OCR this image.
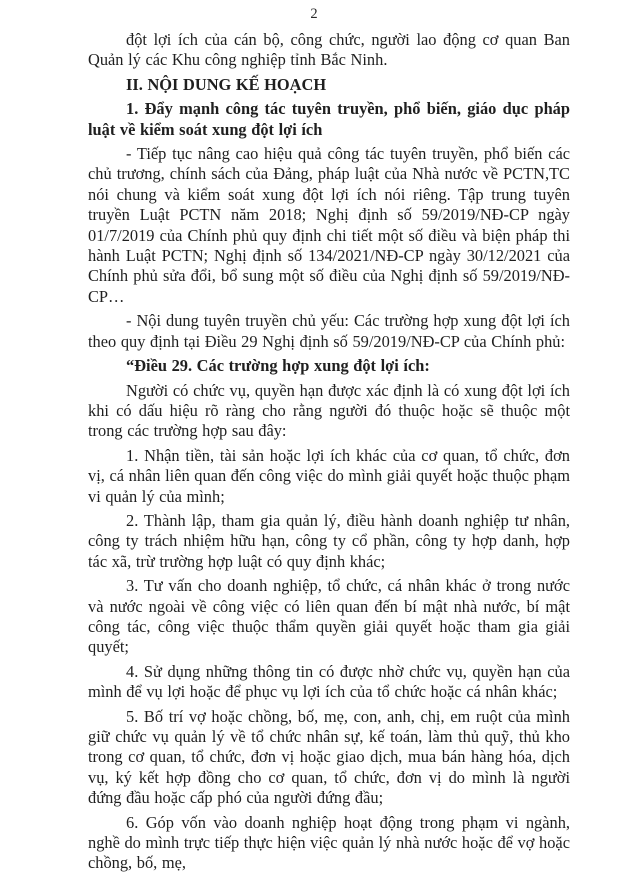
2

đột lợi ích của cán bộ, công chức, người lao động cơ quan Ban Quản lý các Khu công nghiệp tỉnh Bắc Ninh.

II. NỘI DUNG KẾ HOẠCH

1. Đẩy mạnh công tác tuyên truyền, phổ biến, giáo dục pháp luật về kiểm soát xung đột lợi ích

- Tiếp tục nâng cao hiệu quả công tác tuyên truyền, phổ biến các chủ trương, chính sách của Đảng, pháp luật của Nhà nước về PCTN,TC nói chung và kiểm soát xung đột lợi ích nói riêng. Tập trung tuyên truyền Luật PCTN năm 2018; Nghị định số 59/2019/NĐ-CP ngày 01/7/2019 của Chính phủ quy định chi tiết một số điều và biện pháp thi hành Luật PCTN; Nghị định số 134/2021/NĐ-CP ngày 30/12/2021 của Chính phủ sửa đổi, bổ sung một số điều của Nghị định số 59/2019/NĐ-CP…

- Nội dung tuyên truyền chủ yếu: Các trường hợp xung đột lợi ích theo quy định tại Điều 29 Nghị định số 59/2019/NĐ-CP của Chính phủ:

“Điều 29. Các trường hợp xung đột lợi ích:

Người có chức vụ, quyền hạn được xác định là có xung đột lợi ích khi có dấu hiệu rõ ràng cho rằng người đó thuộc hoặc sẽ thuộc một trong các trường hợp sau đây:

1. Nhận tiền, tài sản hoặc lợi ích khác của cơ quan, tổ chức, đơn vị, cá nhân liên quan đến công việc do mình giải quyết hoặc thuộc phạm vi quản lý của mình;

2. Thành lập, tham gia quản lý, điều hành doanh nghiệp tư nhân, công ty trách nhiệm hữu hạn, công ty cổ phần, công ty hợp danh, hợp tác xã, trừ trường hợp luật có quy định khác;

3. Tư vấn cho doanh nghiệp, tổ chức, cá nhân khác ở trong nước và nước ngoài về công việc có liên quan đến bí mật nhà nước, bí mật công tác, công việc thuộc thẩm quyền giải quyết hoặc tham gia giải quyết;

4. Sử dụng những thông tin có được nhờ chức vụ, quyền hạn của mình để vụ lợi hoặc để phục vụ lợi ích của tổ chức hoặc cá nhân khác;

5. Bố trí vợ hoặc chồng, bố, mẹ, con, anh, chị, em ruột của mình giữ chức vụ quản lý về tổ chức nhân sự, kế toán, làm thủ quỹ, thủ kho trong cơ quan, tổ chức, đơn vị hoặc giao dịch, mua bán hàng hóa, dịch vụ, ký kết hợp đồng cho cơ quan, tổ chức, đơn vị do mình là người đứng đầu hoặc cấp phó của người đứng đầu;

6. Góp vốn vào doanh nghiệp hoạt động trong phạm vi ngành, nghề do mình trực tiếp thực hiện việc quản lý nhà nước hoặc để vợ hoặc chồng, bố, mẹ,
